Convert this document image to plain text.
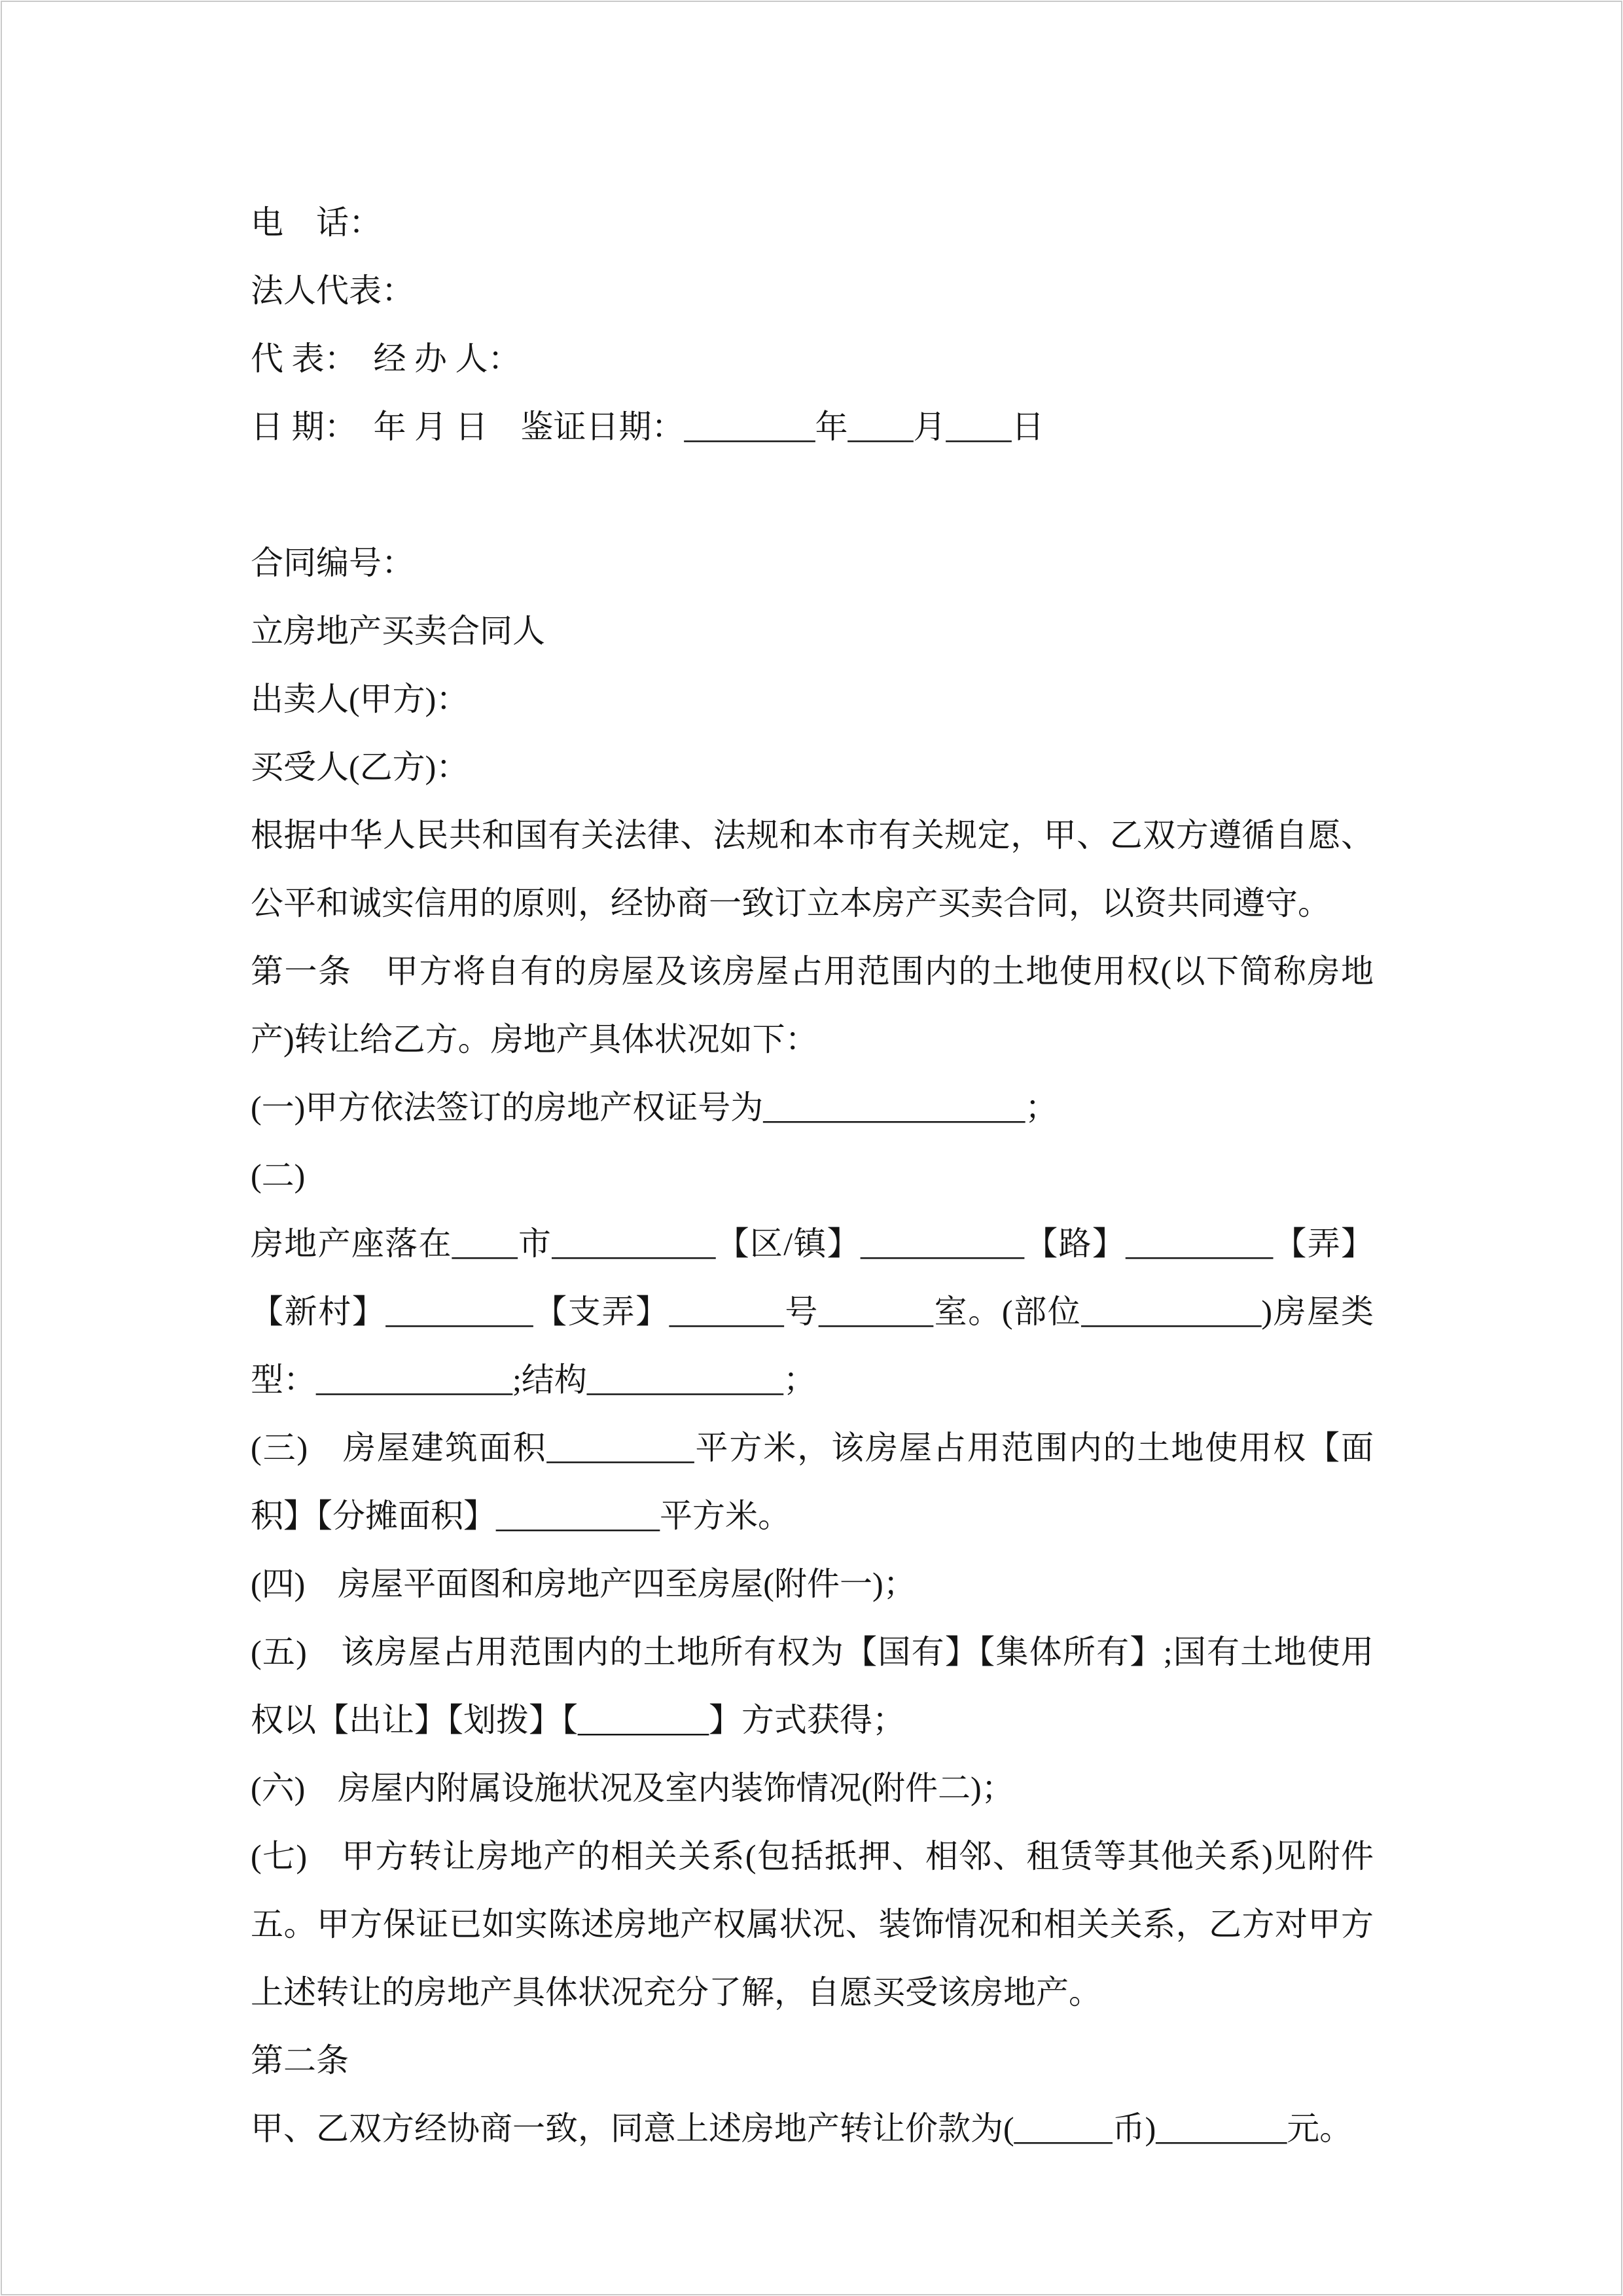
电　话：
法人代表：
代 表：　经 办 人：
日 期：　年 月 日　鉴证日期：________年____月____日
合同编号：
立房地产买卖合同人
出卖人(甲方)：
买受人(乙方)：
根据中华人民共和国有关法律、法规和本市有关规定，甲、乙双方遵循自愿、公平和诚实信用的原则，经协商一致订立本房产买卖合同，以资共同遵守。
第一条　甲方将自有的房屋及该房屋占用范围内的土地使用权(以下简称房地产)转让给乙方。房地产具体状况如下：
(一)甲方依法签订的房地产权证号为________________；
(二)
房地产座落在____市__________【区/镇】__________【路】_________【弄】【新村】_________【支弄】_______号_______室。(部位___________)房屋类型：____________;结构____________；
(三)　房屋建筑面积_________平方米，该房屋占用范围内的土地使用权【面积】【分摊面积】__________平方米。
(四)　房屋平面图和房地产四至房屋(附件一)；
(五)　该房屋占用范围内的土地所有权为【国有】【集体所有】;国有土地使用权以【出让】【划拨】【________】方式获得；
(六)　房屋内附属设施状况及室内装饰情况(附件二)；
(七)　甲方转让房地产的相关关系(包括抵押、相邻、租赁等其他关系)见附件五。甲方保证已如实陈述房地产权属状况、装饰情况和相关关系，乙方对甲方上述转让的房地产具体状况充分了解，自愿买受该房地产。
第二条
甲、乙双方经协商一致，同意上述房地产转让价款为(______币)________元。
